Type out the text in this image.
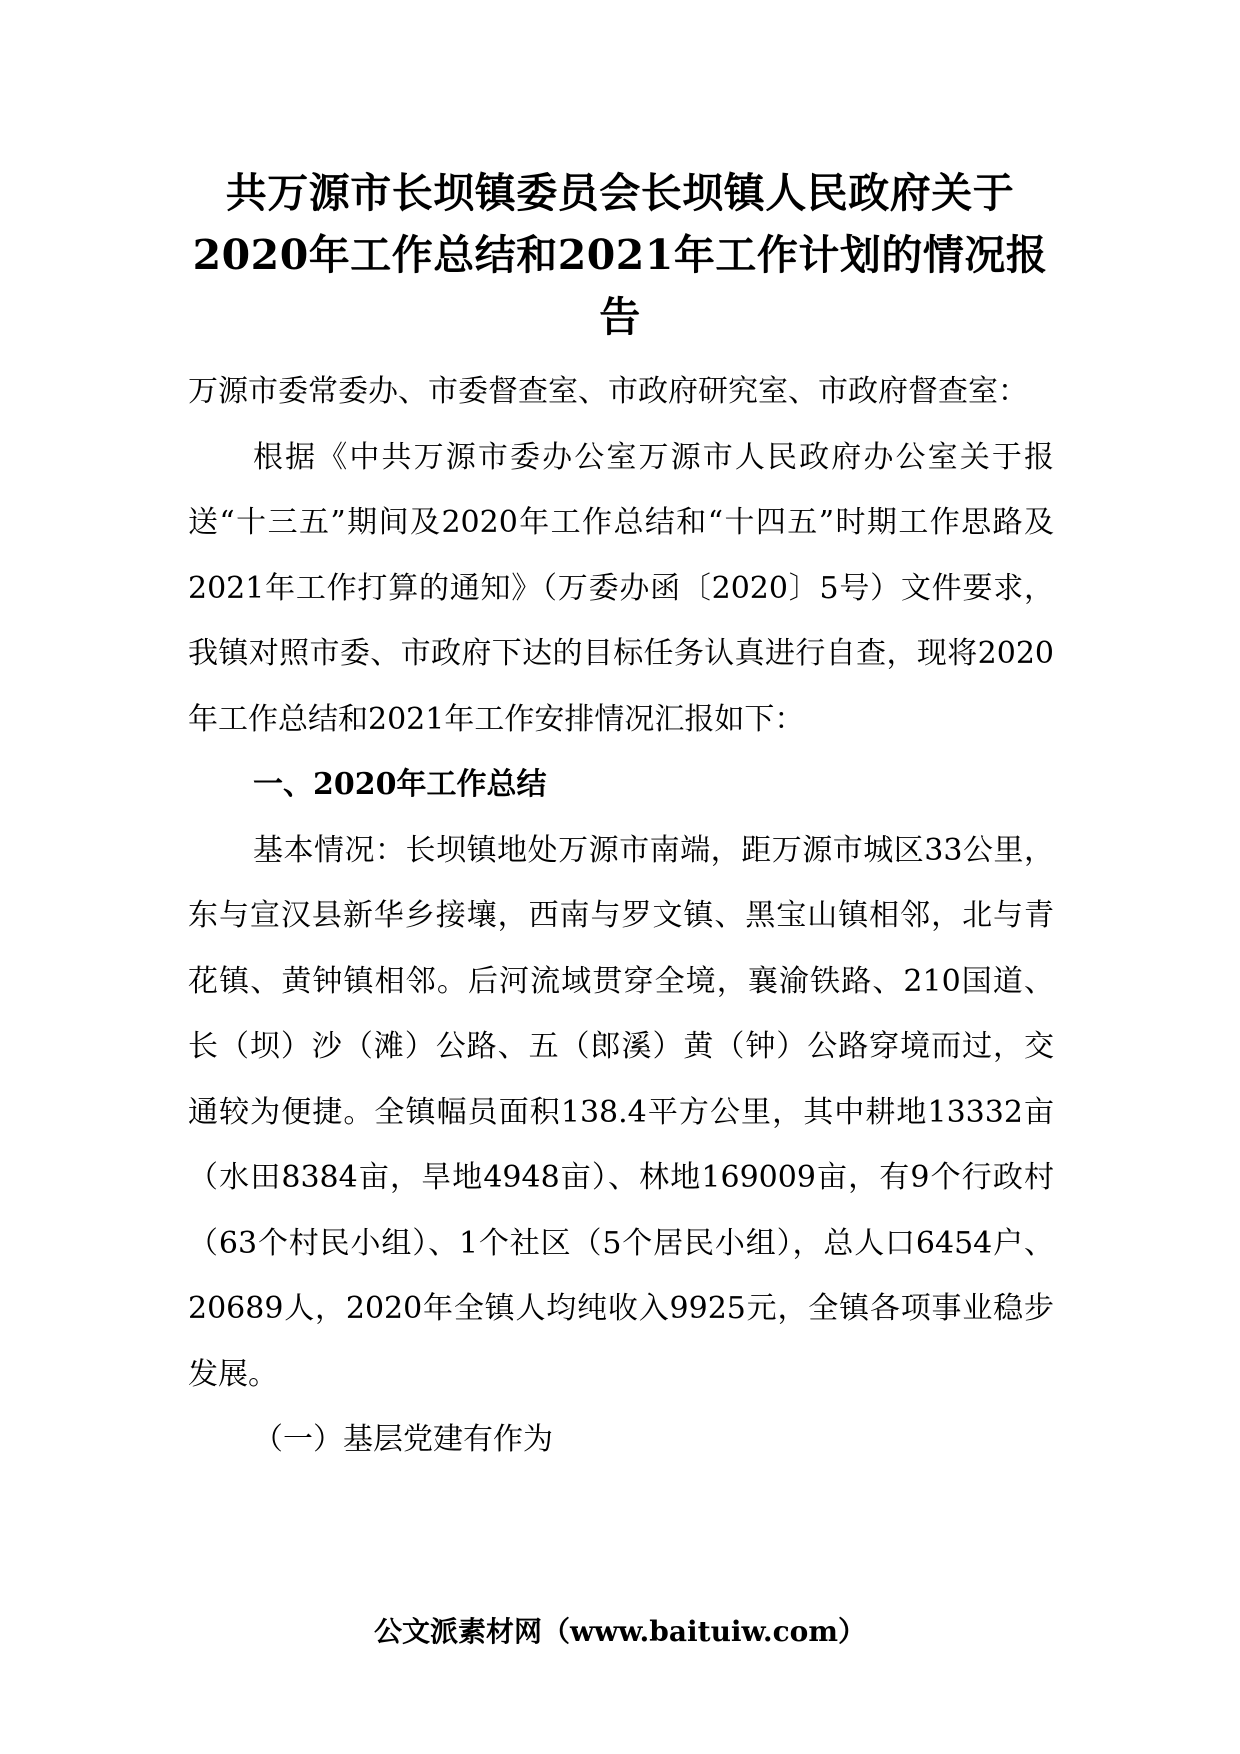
共万源市长坝镇委员会长坝镇人民政府关于2020年工作总结和2021年工作计划的情况报告

万源市委常委办、市委督查室、市政府研究室、市政府督查室：

根据《中共万源市委办公室万源市人民政府办公室关于报送“十三五”期间及2020年工作总结和“十四五”时期工作思路及2021年工作打算的通知》（万委办函〔2020〕5号）文件要求，我镇对照市委、市政府下达的目标任务认真进行自查，现将2020年工作总结和2021年工作安排情况汇报如下：

一、2020年工作总结

基本情况：长坝镇地处万源市南端，距万源市城区33公里，东与宣汉县新华乡接壤，西南与罗文镇、黑宝山镇相邻，北与青花镇、黄钟镇相邻。后河流域贯穿全境，襄渝铁路、210国道、长（坝）沙（滩）公路、五（郎溪）黄（钟）公路穿境而过，交通较为便捷。全镇幅员面积138.4平方公里，其中耕地13332亩（水田8384亩，旱地4948亩）、林地169009亩，有9个行政村（63个村民小组）、1个社区（5个居民小组），总人口6454户、20689人，2020年全镇人均纯收入9925元，全镇各项事业稳步发展。

（一）基层党建有作为

公文派素材网（www.baituiw.com）
